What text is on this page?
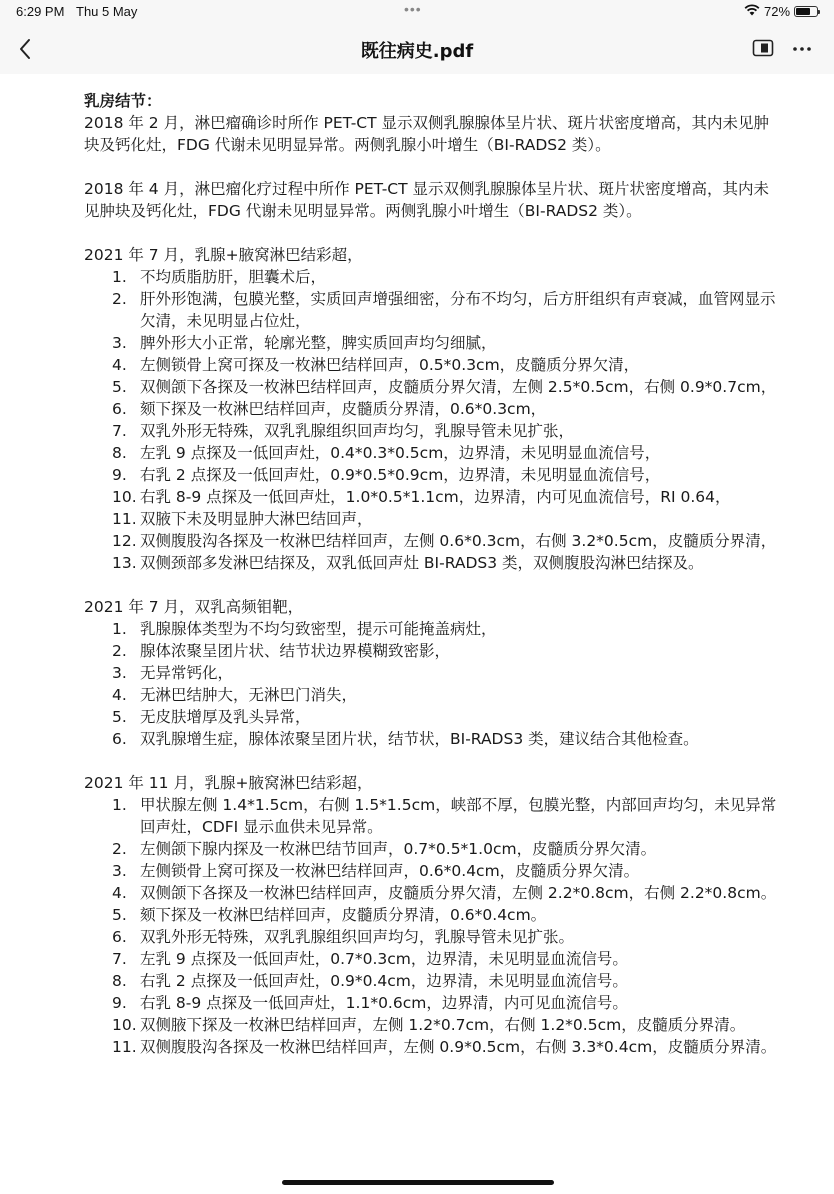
6:29 PM Thu 5 May	•••	72%
既往病史.pdf

乳房结节：

2018 年 2 月，淋巴瘤确诊时所作 PET-CT 显示双侧乳腺腺体呈片状、斑片状密度增高，其内未见肿块及钙化灶，FDG 代谢未见明显异常。两侧乳腺小叶增生（BI-RADS2 类）。

2018 年 4 月，淋巴瘤化疗过程中所作 PET-CT 显示双侧乳腺腺体呈片状、斑片状密度增高，其内未见肿块及钙化灶，FDG 代谢未见明显异常。两侧乳腺小叶增生（BI-RADS2 类）。

2021 年 7 月，乳腺+腋窝淋巴结彩超，

1. 不均质脂肪肝，胆囊术后，
2. 肝外形饱满，包膜光整，实质回声增强细密，分布不均匀，后方肝组织有声衰减，血管网显示欠清，未见明显占位灶，
3. 脾外形大小正常，轮廓光整，脾实质回声均匀细腻，
4. 左侧锁骨上窝可探及一枚淋巴结样回声，0.5*0.3cm，皮髓质分界欠清，
5. 双侧颌下各探及一枚淋巴结样回声，皮髓质分界欠清，左侧 2.5*0.5cm，右侧 0.9*0.7cm，
6. 颏下探及一枚淋巴结样回声，皮髓质分界清，0.6*0.3cm，
7. 双乳外形无特殊，双乳乳腺组织回声均匀，乳腺导管未见扩张，
8. 左乳 9 点探及一低回声灶，0.4*0.3*0.5cm，边界清，未见明显血流信号，
9. 右乳 2 点探及一低回声灶，0.9*0.5*0.9cm，边界清，未见明显血流信号，
10. 右乳 8-9 点探及一低回声灶，1.0*0.5*1.1cm，边界清，内可见血流信号，RI 0.64，
11. 双腋下未及明显肿大淋巴结回声，
12. 双侧腹股沟各探及一枚淋巴结样回声，左侧 0.6*0.3cm，右侧 3.2*0.5cm，皮髓质分界清，
13. 双侧颈部多发淋巴结探及，双乳低回声灶 BI-RADS3 类，双侧腹股沟淋巴结探及。

2021 年 7 月，双乳高频钼靶，

1. 乳腺腺体类型为不均匀致密型，提示可能掩盖病灶，
2. 腺体浓聚呈团片状、结节状边界模糊致密影，
3. 无异常钙化，
4. 无淋巴结肿大，无淋巴门消失，
5. 无皮肤增厚及乳头异常，
6. 双乳腺增生症，腺体浓聚呈团片状，结节状，BI-RADS3 类，建议结合其他检查。

2021 年 11 月，乳腺+腋窝淋巴结彩超，

1. 甲状腺左侧 1.4*1.5cm，右侧 1.5*1.5cm，峡部不厚，包膜光整，内部回声均匀，未见异常回声灶，CDFI 显示血供未见异常。
2. 左侧颌下腺内探及一枚淋巴结节回声，0.7*0.5*1.0cm，皮髓质分界欠清。
3. 左侧锁骨上窝可探及一枚淋巴结样回声，0.6*0.4cm，皮髓质分界欠清。
4. 双侧颌下各探及一枚淋巴结样回声，皮髓质分界欠清，左侧 2.2*0.8cm，右侧 2.2*0.8cm。
5. 颏下探及一枚淋巴结样回声，皮髓质分界清，0.6*0.4cm。
6. 双乳外形无特殊，双乳乳腺组织回声均匀，乳腺导管未见扩张。
7. 左乳 9 点探及一低回声灶，0.7*0.3cm，边界清，未见明显血流信号。
8. 右乳 2 点探及一低回声灶，0.9*0.4cm，边界清，未见明显血流信号。
9. 右乳 8-9 点探及一低回声灶，1.1*0.6cm，边界清，内可见血流信号。
10. 双侧腋下探及一枚淋巴结样回声，左侧 1.2*0.7cm，右侧 1.2*0.5cm，皮髓质分界清。
11. 双侧腹股沟各探及一枚淋巴结样回声，左侧 0.9*0.5cm，右侧 3.3*0.4cm，皮髓质分界清。
